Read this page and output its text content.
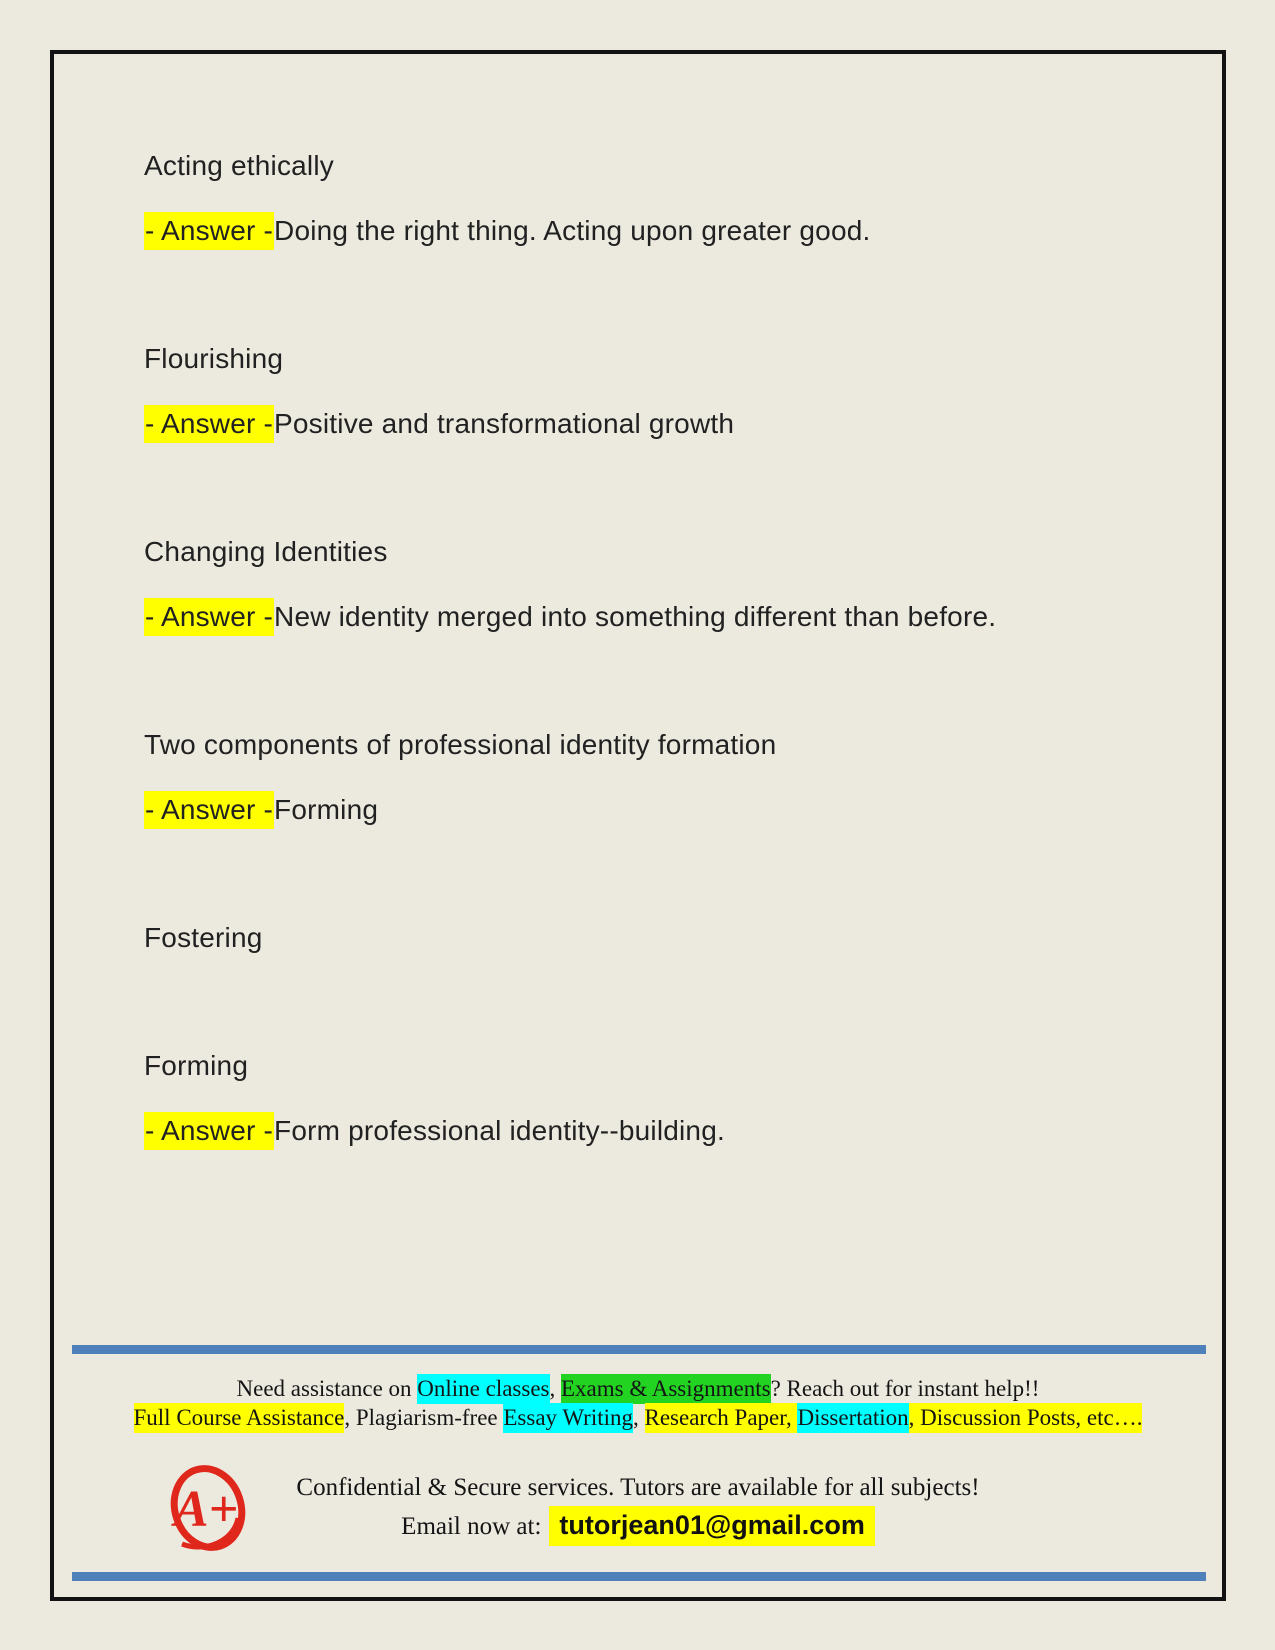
Acting ethically
- Answer -Doing the right thing. Acting upon greater good.
Flourishing
- Answer -Positive and transformational growth
Changing Identities
- Answer -New identity merged into something different than before.
Two components of professional identity formation
- Answer -Forming
Fostering
Forming
- Answer -Form professional identity--building.
Need assistance on Online classes, Exams & Assignments? Reach out for instant help!!
Full Course Assistance, Plagiarism-free Essay Writing, Research Paper, Dissertation, Discussion Posts, etc….
A+	Confidential & Secure services. Tutors are available for all subjects!
Email now at: tutorjean01@gmail.com
